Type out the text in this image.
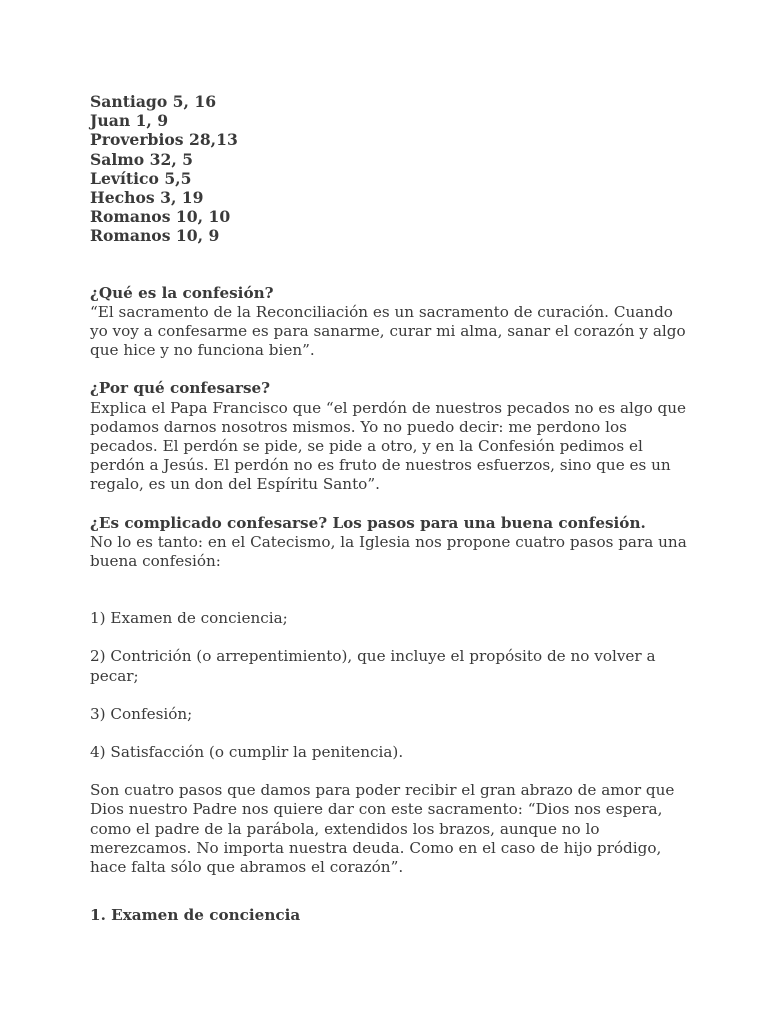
Santiago 5, 16
Juan 1, 9
Proverbios 28,13
Salmo 32, 5
Levítico 5,5
Hechos 3, 19
Romanos 10, 10
Romanos 10, 9
¿Qué es la confesión?
“El sacramento de la Reconciliación es un sacramento de curación. Cuando yo voy a confesarme es para sanarme, curar mi alma, sanar el corazón y algo que hice y no funciona bien”.
¿Por qué confesarse?
Explica el Papa Francisco que “el perdón de nuestros pecados no es algo que podamos darnos nosotros mismos. Yo no puedo decir: me perdono los pecados. El perdón se pide, se pide a otro, y en la Confesión pedimos el perdón a Jesús. El perdón no es fruto de nuestros esfuerzos, sino que es un regalo, es un don del Espíritu Santo”.
¿Es complicado confesarse? Los pasos para una buena confesión.
No lo es tanto: en el Catecismo, la Iglesia nos propone cuatro pasos para una buena confesión:
1) Examen de conciencia;
2) Contrición (o arrepentimiento), que incluye el propósito de no volver a pecar;
3) Confesión;
4) Satisfacción (o cumplir la penitencia).
Son cuatro pasos que damos para poder recibir el gran abrazo de amor que Dios nuestro Padre nos quiere dar con este sacramento: “Dios nos espera, como el padre de la parábola, extendidos los brazos, aunque no lo merezcamos. No importa nuestra deuda. Como en el caso de hijo pródigo, hace falta sólo que abramos el corazón”.
1. Examen de conciencia
